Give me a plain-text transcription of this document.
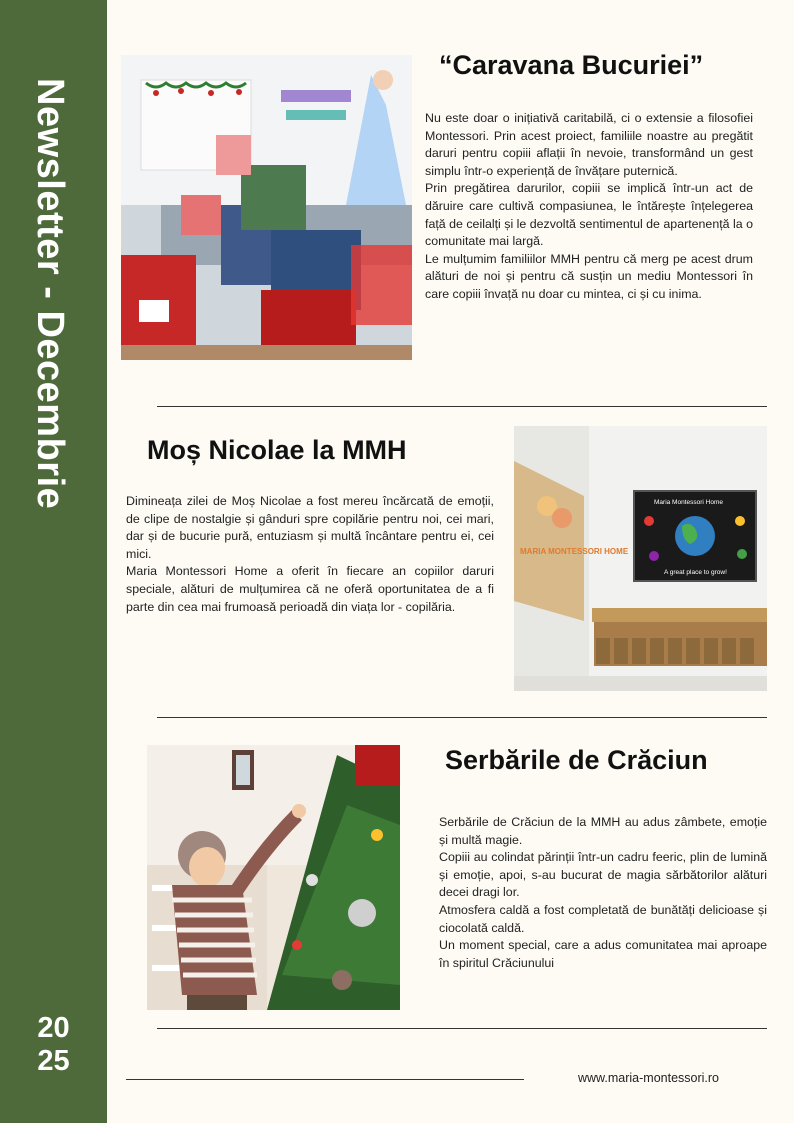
Newsletter - Decembrie
20
25
“Caravana Bucuriei”

Nu este doar o inițiativă caritabilă, ci o extensie a filosofiei Montessori. Prin acest proiect, familiile noastre au pregătit daruri pentru copiii aflații în nevoie, transformând un gest simplu într-o experiență de învățare puternică.

Prin pregătirea darurilor, copiii se implică într-un act de dăruire care cultivă compasiunea, le întărește înțelegerea față de ceilalți și le dezvoltă sentimentul de apartenență la o comunitate mai largă.

Le mulțumim familiilor MMH pentru că merg pe acest drum alături de noi și pentru că susțin un mediu Montessori în care copiii învață nu doar cu mintea, ci și cu inima.

Moș Nicolae la MMH

Dimineața zilei de Moș Nicolae a fost mereu încărcată de emoții, de clipe de nostalgie și gânduri spre copilărie pentru noi, cei mari, dar și de bucurie pură, entuziasm și multă încântare pentru ei, cei mici.

Maria Montessori Home a oferit în fiecare an copiilor daruri speciale, alături de mulțumirea că ne oferă oportunitatea de a fi parte din cea mai frumoasă perioadă din viața lor - copilăria.

MARIA MONTESSORI HOME
Maria Montessori Home
A great place to grow!
Serbările de Crăciun

Serbările de Crăciun de la MMH au adus zâmbete, emoție și multă magie.

Copiii au colindat părinții într-un cadru feeric, plin de lumină și emoție, apoi, s-au bucurat de magia sărbătorilor alături decei dragi lor.

Atmosfera caldă a fost completată de bunătăți delicioase și ciocolată caldă.

Un moment special, care a adus comunitatea mai aproape în spiritul Crăciunului

www.maria-montessori.ro
